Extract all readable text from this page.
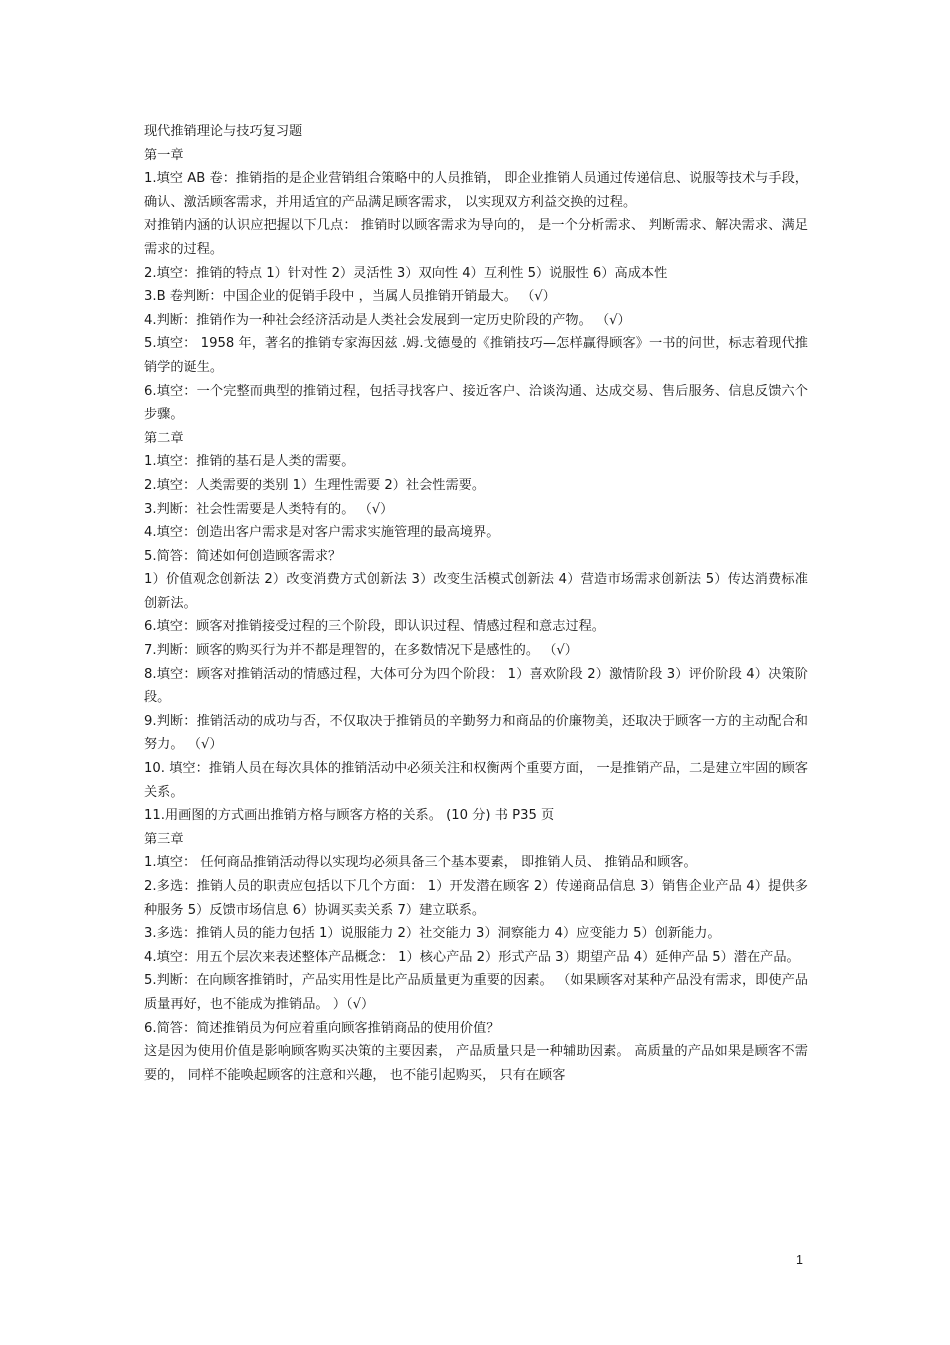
现代推销理论与技巧复习题

第一章

1.填空 AB 卷：推销指的是企业营销组合策略中的人员推销， 即企业推销人员通过传递信息、说服等技术与手段， 确认、激活顾客需求，并用适宜的产品满足顾客需求， 以实现双方利益交换的过程。

对推销内涵的认识应把握以下几点： 推销时以顾客需求为导向的， 是一个分析需求、 判断需求、解决需求、满足需求的过程。

2.填空：推销的特点 1）针对性 2）灵活性 3）双向性 4）互利性 5）说服性 6）高成本性

3.B 卷判断：中国企业的促销手段中 ，当属人员推销开销最大。 （√）

4.判断：推销作为一种社会经济活动是人类社会发展到一定历史阶段的产物。 （√）

5.填空： 1958 年，著名的推销专家海因兹 .姆.戈德曼的《推销技巧—怎样赢得顾客》一书的问世，标志着现代推销学的诞生。

6.填空：一个完整而典型的推销过程，包括寻找客户、接近客户、洽谈沟通、达成交易、售后服务、信息反馈六个步骤。

第二章

1.填空：推销的基石是人类的需要。

2.填空：人类需要的类别 1）生理性需要 2）社会性需要。

3.判断：社会性需要是人类特有的。 （√）

4.填空：创造出客户需求是对客户需求实施管理的最高境界。

5.简答：简述如何创造顾客需求？

1）价值观念创新法 2）改变消费方式创新法 3）改变生活模式创新法 4）营造市场需求创新法 5）传达消费标准创新法。

6.填空：顾客对推销接受过程的三个阶段，即认识过程、情感过程和意志过程。

7.判断：顾客的购买行为并不都是理智的，在多数情况下是感性的。 （√）

8.填空：顾客对推销活动的情感过程，大体可分为四个阶段： 1）喜欢阶段 2）激情阶段 3）评价阶段 4）决策阶段。

9.判断：推销活动的成功与否，不仅取决于推销员的辛勤努力和商品的价廉物美，还取决于顾客一方的主动配合和努力。 （√）

10. 填空：推销人员在每次具体的推销活动中必须关注和权衡两个重要方面， 一是推销产品，二是建立牢固的顾客关系。

11.用画图的方式画出推销方格与顾客方格的关系。 (10 分) 书 P35 页

第三章

1.填空： 任何商品推销活动得以实现均必须具备三个基本要素， 即推销人员、 推销品和顾客。

2.多选：推销人员的职责应包括以下几个方面： 1）开发潜在顾客 2）传递商品信息 3）销售企业产品 4）提供多种服务 5）反馈市场信息 6）协调买卖关系 7）建立联系。

3.多选：推销人员的能力包括 1）说服能力 2）社交能力 3）洞察能力 4）应变能力 5）创新能力。

4.填空：用五个层次来表述整体产品概念： 1）核心产品 2）形式产品 3）期望产品 4）延伸产品 5）潜在产品。

5.判断：在向顾客推销时，产品实用性是比产品质量更为重要的因素。 （如果顾客对某种产品没有需求，即使产品质量再好，也不能成为推销品。 ）（√）

6.简答：简述推销员为何应着重向顾客推销商品的使用价值？

这是因为使用价值是影响顾客购买决策的主要因素， 产品质量只是一种辅助因素。 高质量的产品如果是顾客不需要的， 同样不能唤起顾客的注意和兴趣， 也不能引起购买， 只有在顾客

1
